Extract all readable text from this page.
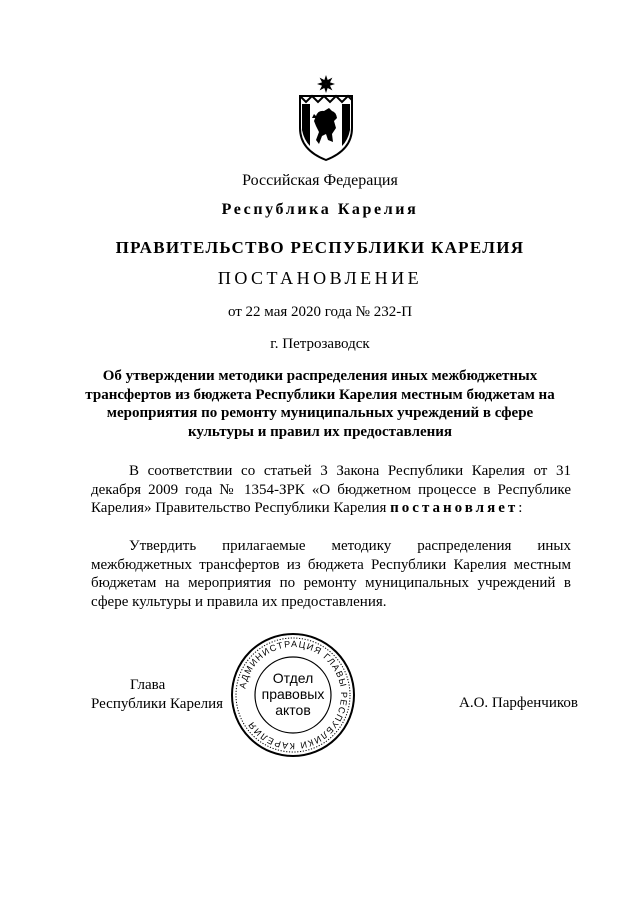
Российская Федерация
Республика Карелия
ПРАВИТЕЛЬСТВО РЕСПУБЛИКИ КАРЕЛИЯ
ПОСТАНОВЛЕНИЕ
от 22 мая 2020 года № 232-П
г. Петрозаводск
Об утверждении методики распределения иных межбюджетных трансфертов из бюджета Республики Карелия местным бюджетам на мероприятия по ремонту муниципальных учреждений в сфере культуры и правил их предоставления
В соответствии со статьей 3 Закона Республики Карелия от 31 декабря 2009 года № 1354-ЗРК «О бюджетном процессе в Республике Карелия» Правительство Республики Карелия постановляет:
Утвердить прилагаемые методику распределения иных межбюджетных трансфертов из бюджета Республики Карелия местным бюджетам на мероприятия по ремонту муниципальных учреждений в сфере культуры и правила их предоставления.
Глава
Республики Карелия	А.О. Парфенчиков
АДМИНИСТРАЦИЯ ГЛАВЫ РЕСПУБЛИКИ КАРЕЛИЯ
Отдел
правовых
актов
